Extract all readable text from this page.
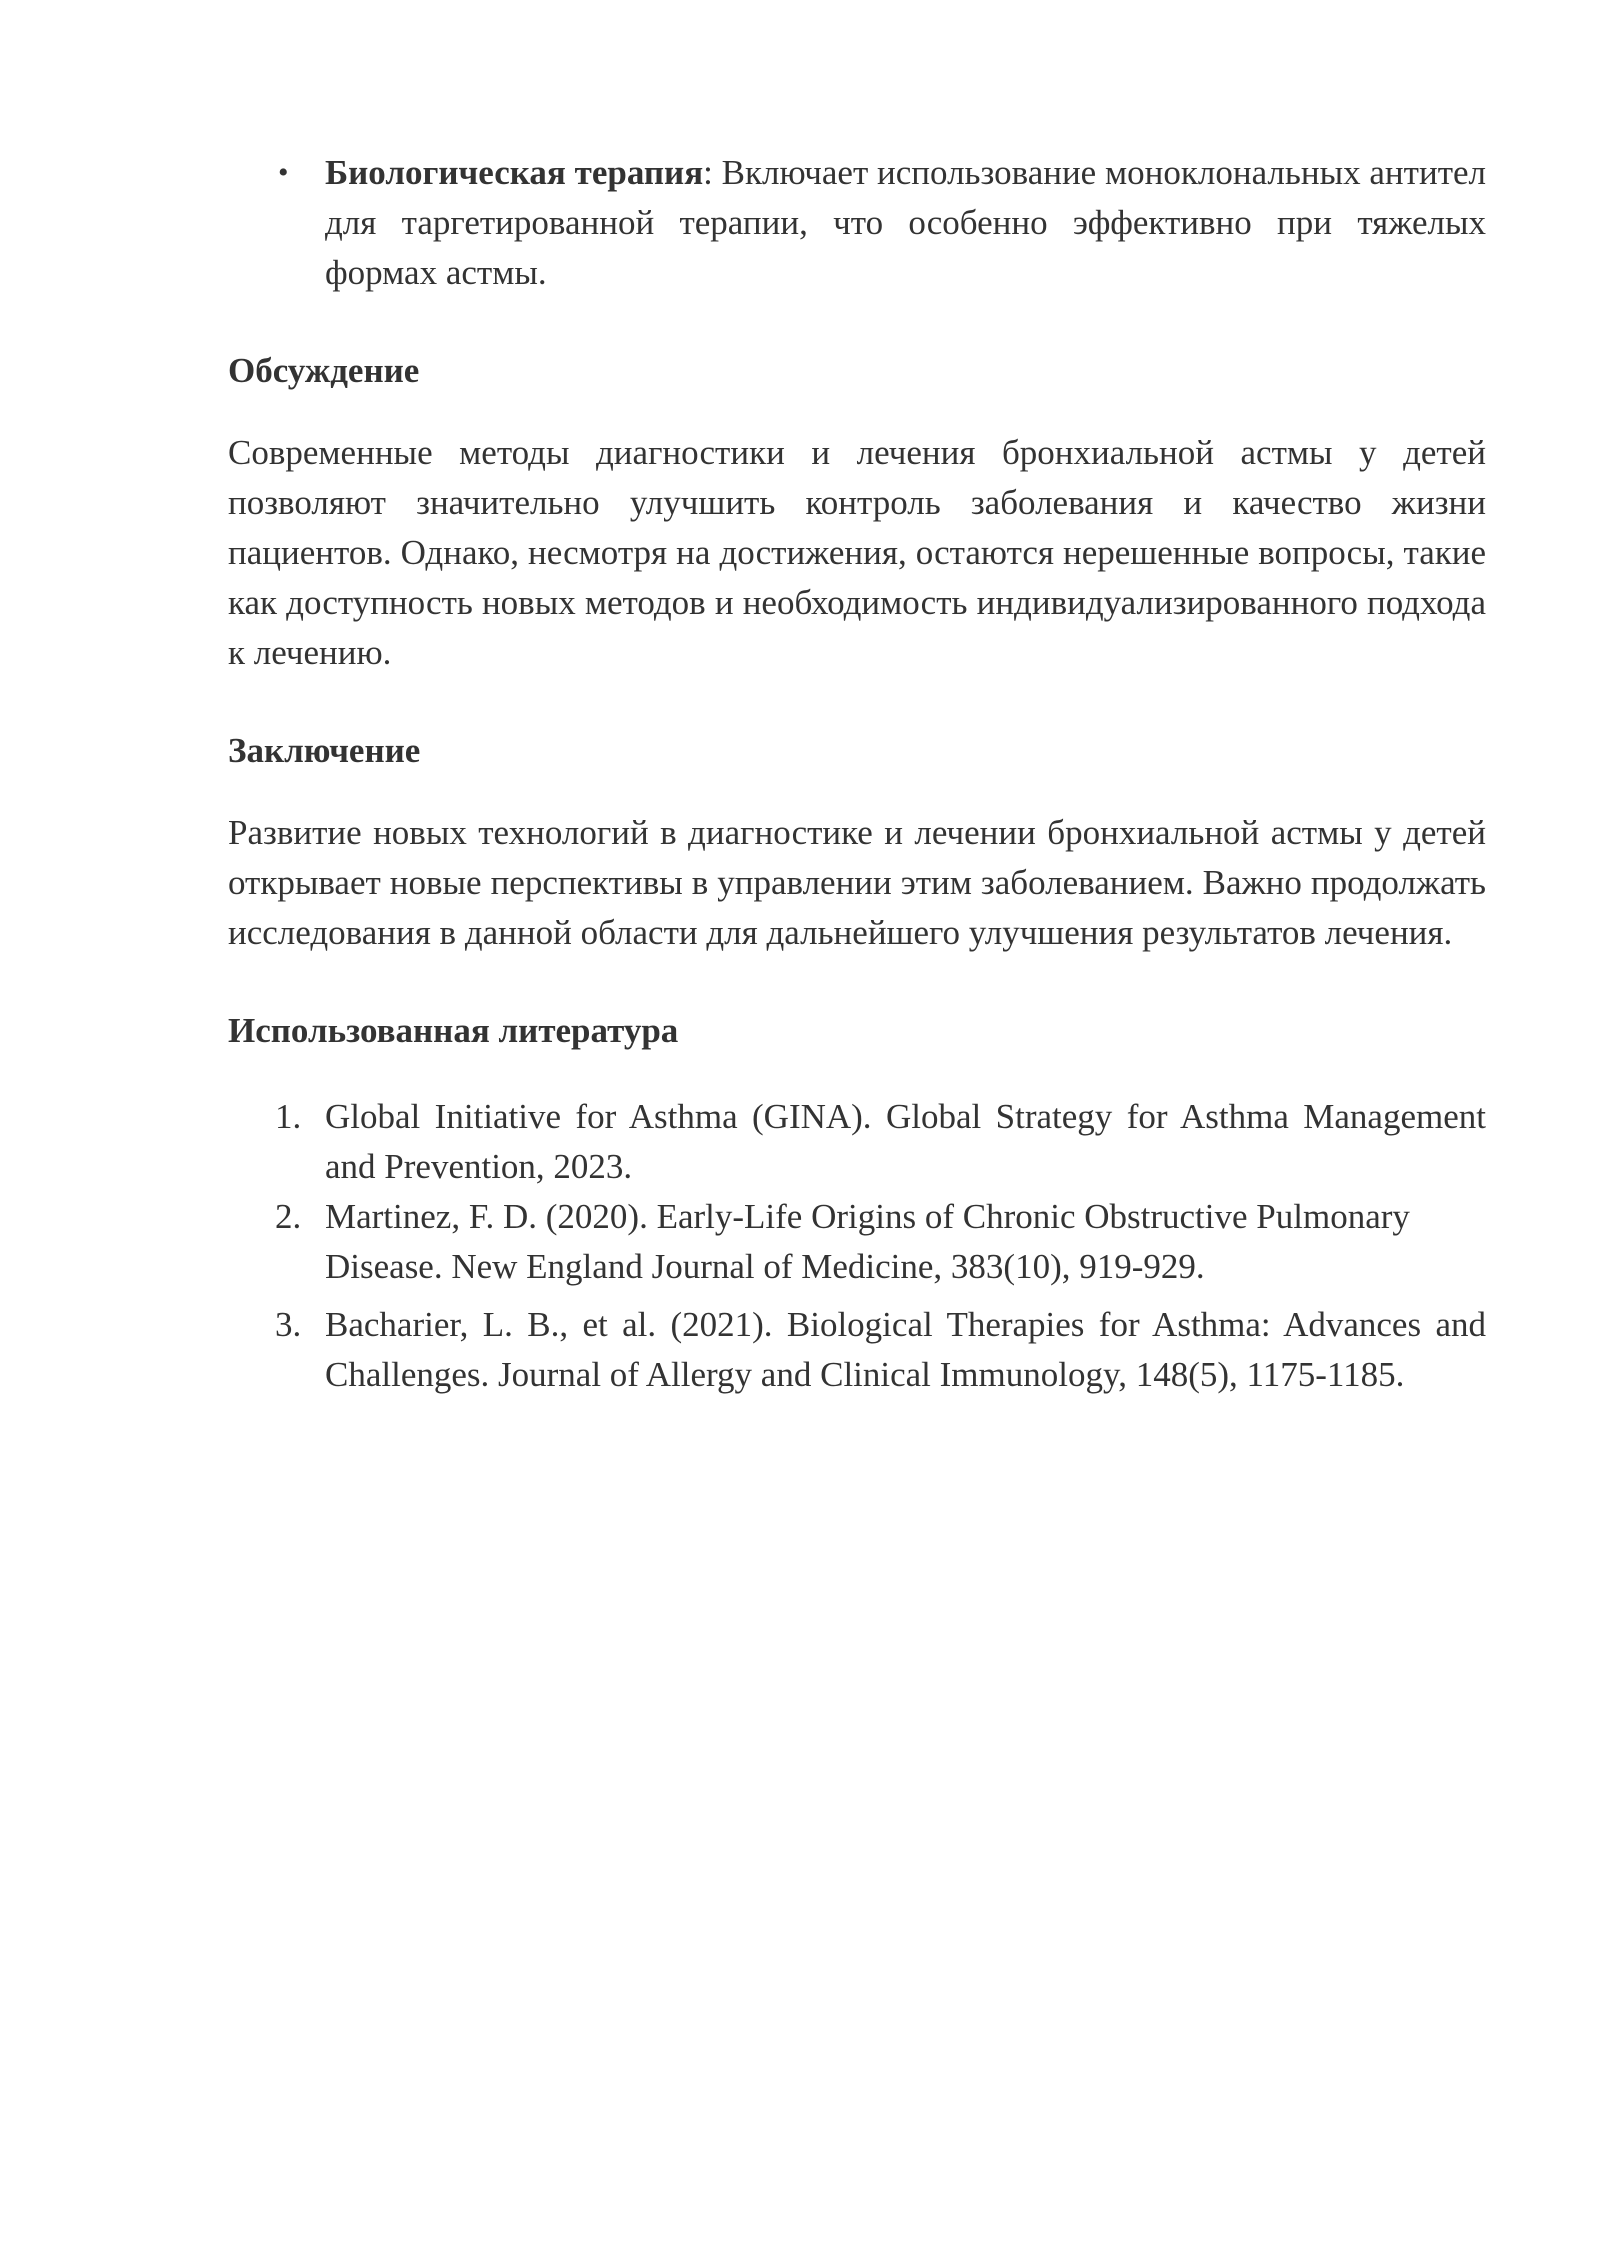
• Биологическая терапия: Включает использование моноклональных антител для таргетированной терапии, что особенно эффективно при тяжелых формах астмы.
Обсуждение

Современные методы диагностики и лечения бронхиальной астмы у детей позволяют значительно улучшить контроль заболевания и качество жизни пациентов. Однако, несмотря на достижения, остаются нерешенные вопросы, такие как доступность новых методов и необходимость индивидуализированного подхода к лечению.

Заключение

Развитие новых технологий в диагностике и лечении бронхиальной астмы у детей открывает новые перспективы в управлении этим заболеванием. Важно продолжать исследования в данной области для дальнейшего улучшения результатов лечения.

Использованная литература
1. Global Initiative for Asthma (GINA). Global Strategy for Asthma Management and Prevention, 2023.
2. Martinez, F. D. (2020). Early-Life Origins of Chronic Obstructive Pulmonary Disease. New England Journal of Medicine, 383(10), 919-929.
3. Bacharier, L. B., et al. (2021). Biological Therapies for Asthma: Advances and Challenges. Journal of Allergy and Clinical Immunology, 148(5), 1175-1185.
